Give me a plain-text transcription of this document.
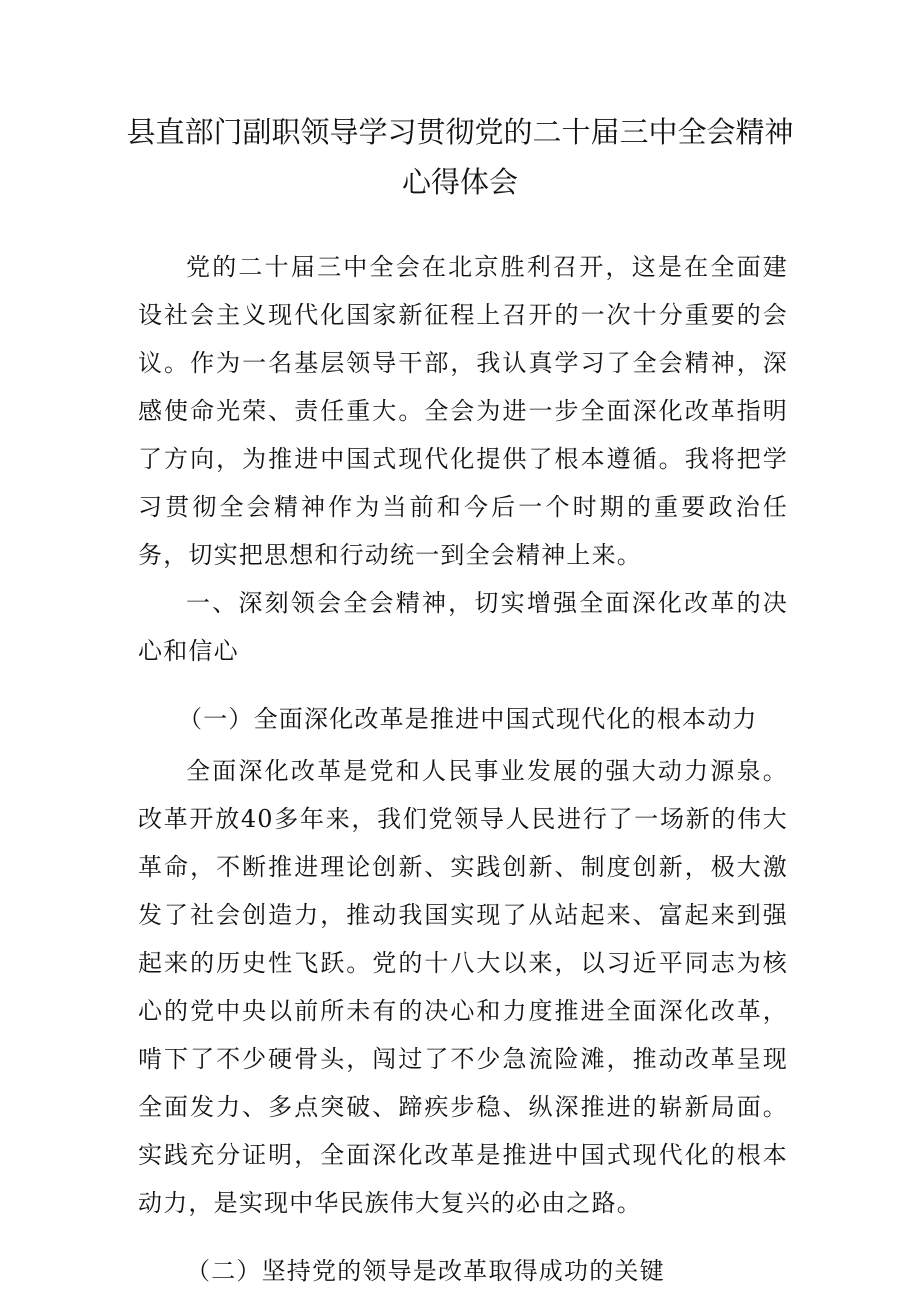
县直部门副职领导学习贯彻党的二十届三中全会精神
心得体会

党的二十届三中全会在北京胜利召开，这是在全面建设社会主义现代化国家新征程上召开的一次十分重要的会议。作为一名基层领导干部，我认真学习了全会精神，深感使命光荣、责任重大。全会为进一步全面深化改革指明了方向，为推进中国式现代化提供了根本遵循。我将把学习贯彻全会精神作为当前和今后一个时期的重要政治任务，切实把思想和行动统一到全会精神上来。

一、深刻领会全会精神，切实增强全面深化改革的决心和信心

（一）全面深化改革是推进中国式现代化的根本动力

全面深化改革是党和人民事业发展的强大动力源泉。改革开放40多年来，我们党领导人民进行了一场新的伟大革命，不断推进理论创新、实践创新、制度创新，极大激发了社会创造力，推动我国实现了从站起来、富起来到强起来的历史性飞跃。党的十八大以来，以习近平同志为核心的党中央以前所未有的决心和力度推进全面深化改革，啃下了不少硬骨头，闯过了不少急流险滩，推动改革呈现全面发力、多点突破、蹄疾步稳、纵深推进的崭新局面。实践充分证明，全面深化改革是推进中国式现代化的根本动力，是实现中华民族伟大复兴的必由之路。

（二）坚持党的领导是改革取得成功的关键
